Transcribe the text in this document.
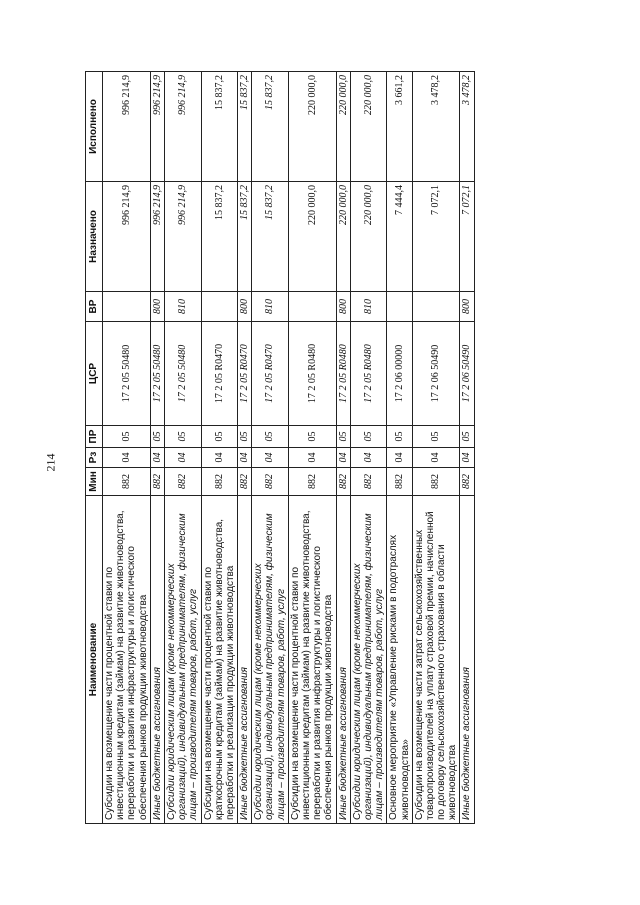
214
Наименование	Мин	Рз	ПР	ЦСР	ВР	Назначено	Исполнено
Субсидии на возмещение части процентной ставки по инвестиционным кредитам (займам) на развитие животноводства, переработки и развития инфраструктуры и логистического обеспечения рынков продукции животноводства	882	04	05	17 2 05 50480		996 214,9	996 214,9
Иные бюджетные ассигнования	882	04	05	17 2 05 50480	800	996 214,9	996 214,9
Субсидии юридическим лицам (кроме некоммерческих организаций), индивидуальным предпринимателям, физическим лицам – производителям товаров, работ, услуг	882	04	05	17 2 05 50480	810	996 214,9	996 214,9
Субсидии на возмещение части процентной ставки по краткосрочным кредитам (займам) на развитие животноводства, переработки и реализации продукции животноводства	882	04	05	17 2 05 R0470		15 837,2	15 837,2
Иные бюджетные ассигнования	882	04	05	17 2 05 R0470	800	15 837,2	15 837,2
Субсидии юридическим лицам (кроме некоммерческих организаций), индивидуальным предпринимателям, физическим лицам – производителям товаров, работ, услуг	882	04	05	17 2 05 R0470	810	15 837,2	15 837,2
Субсидии на возмещение части процентной ставки по инвестиционным кредитам (займам) на развитие животноводства, переработки и развития инфраструктуры и логистического обеспечения рынков продукции животноводства	882	04	05	17 2 05 R0480		220 000,0	220 000,0
Иные бюджетные ассигнования	882	04	05	17 2 05 R0480	800	220 000,0	220 000,0
Субсидии юридическим лицам (кроме некоммерческих организаций), индивидуальным предпринимателям, физическим лицам – производителям товаров, работ, услуг	882	04	05	17 2 05 R0480	810	220 000,0	220 000,0
Основное мероприятие «Управление рисками в подотраслях животноводства»	882	04	05	17 2 06 00000		7 444,4	3 661,2
Субсидии на возмещение части затрат сельскохозяйственных товаропроизводителей на уплату страховой премии, начисленной по договору сельскохозяйственного страхования в области животноводства	882	04	05	17 2 06 50490		7 072,1	3 478,2
Иные бюджетные ассигнования	882	04	05	17 2 06 50490	800	7 072,1	3 478,2
